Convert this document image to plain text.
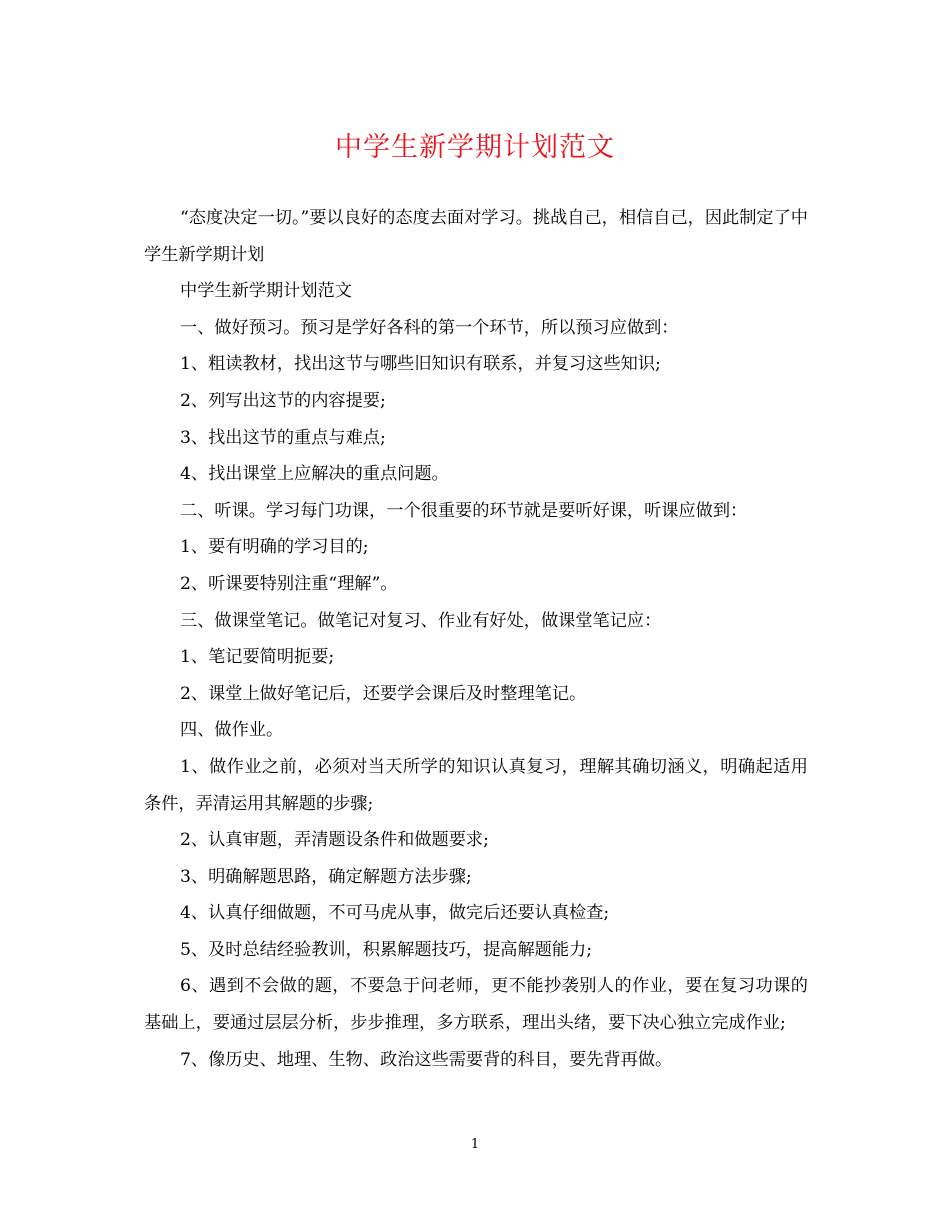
中学生新学期计划范文

“态度决定一切。”要以良好的态度去面对学习。挑战自己，相信自己，因此制定了中学生新学期计划

中学生新学期计划范文

一、做好预习。预习是学好各科的第一个环节，所以预习应做到：

1、粗读教材，找出这节与哪些旧知识有联系，并复习这些知识;

2、列写出这节的内容提要;

3、找出这节的重点与难点;

4、找出课堂上应解决的重点问题。

二、听课。学习每门功课，一个很重要的环节就是要听好课，听课应做到：

1、要有明确的学习目的;

2、听课要特别注重“理解”。

三、做课堂笔记。做笔记对复习、作业有好处，做课堂笔记应：

1、笔记要简明扼要;

2、课堂上做好笔记后，还要学会课后及时整理笔记。

四、做作业。

1、做作业之前，必须对当天所学的知识认真复习，理解其确切涵义，明确起适用条件，弄清运用其解题的步骤;

2、认真审题，弄清题设条件和做题要求;

3、明确解题思路，确定解题方法步骤;

4、认真仔细做题，不可马虎从事，做完后还要认真检查;

5、及时总结经验教训，积累解题技巧，提高解题能力;

6、遇到不会做的题，不要急于问老师，更不能抄袭别人的作业，要在复习功课的基础上，要通过层层分析，步步推理，多方联系，理出头绪，要下决心独立完成作业;

7、像历史、地理、生物、政治这些需要背的科目，要先背再做。

1
